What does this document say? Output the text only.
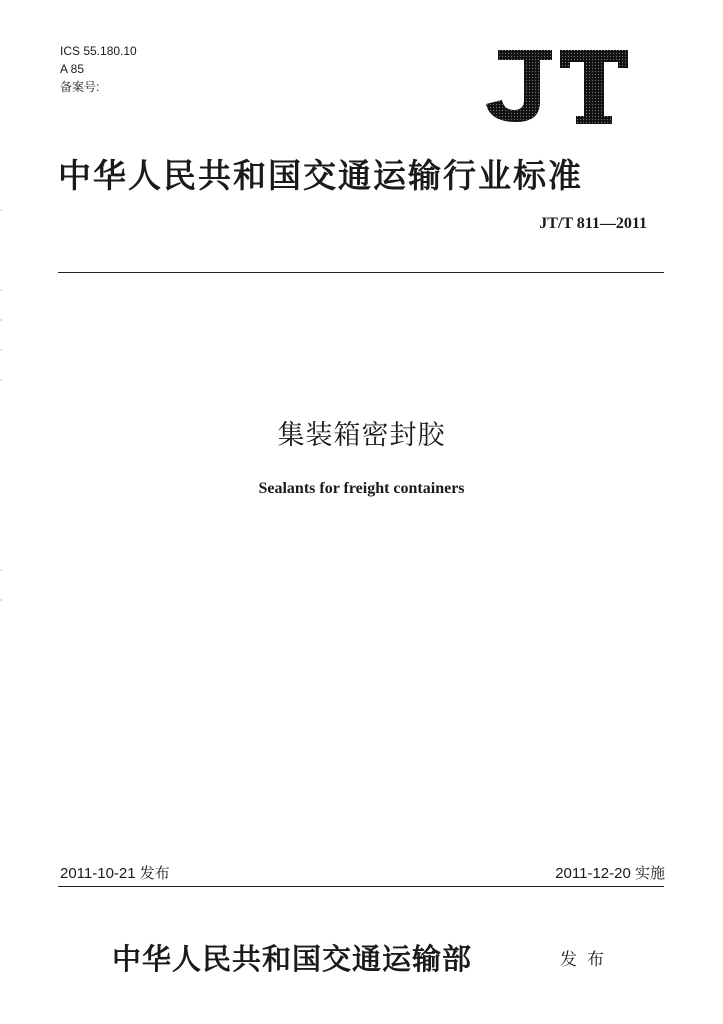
ICS 55.180.10
A 85
备案号:
中华人民共和国交通运输行业标准
JT/T 811—2011
集装箱密封胶
Sealants for freight containers
2011-10-21 发布	2011-12-20 实施
中华人民共和国交通运输部	发布
